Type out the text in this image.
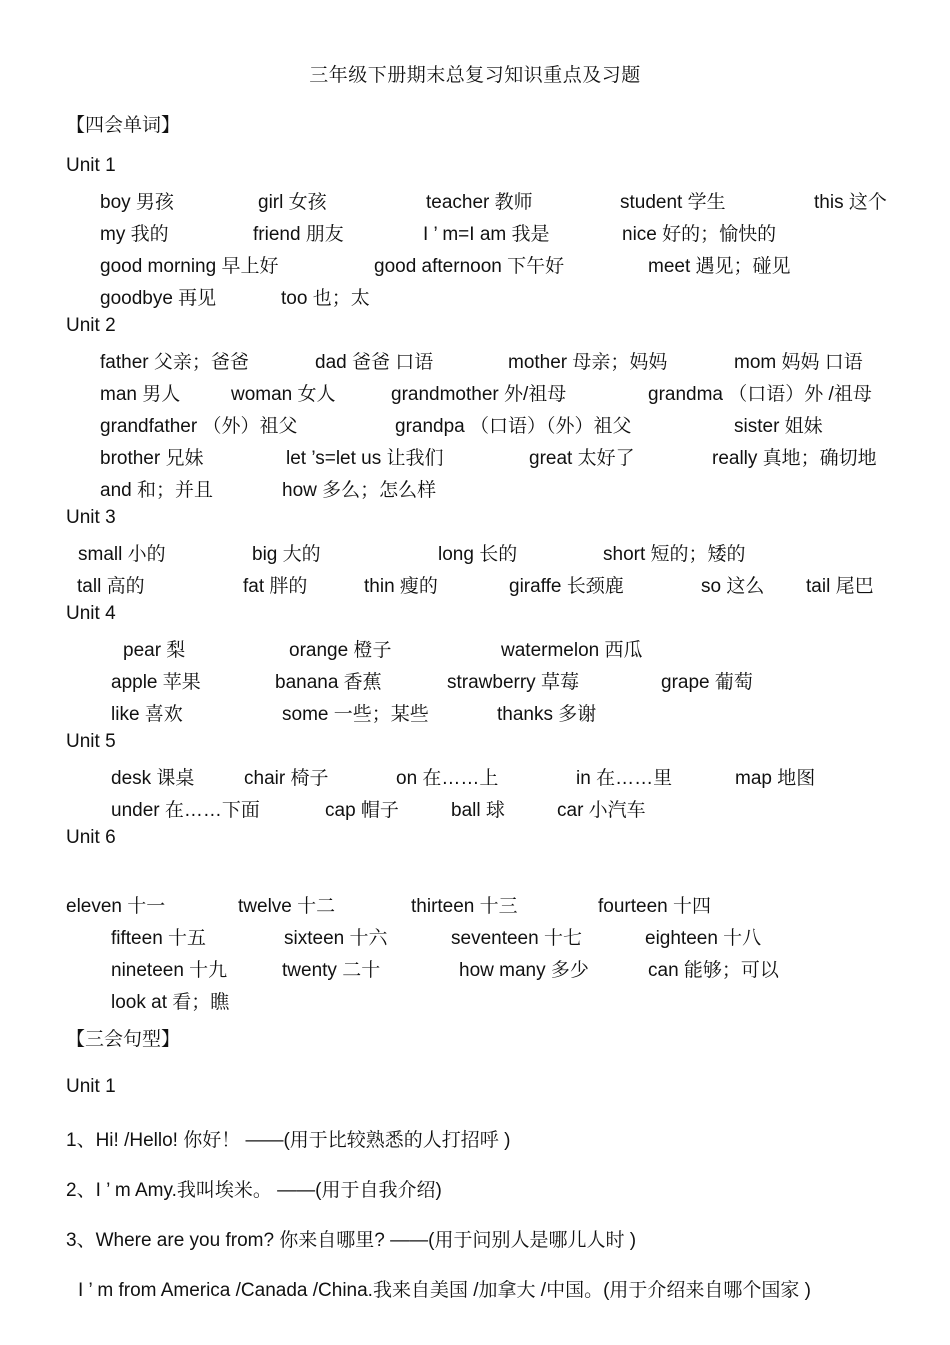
三年级下册期末总复习知识重点及习题
【四会单词】
Unit 1
boy 男孩	girl 女孩	teacher 教师	student 学生	this 这个
my 我的	friend 朋友	I ’ m=I am 我是	nice 好的；愉快的
good morning 早上好	good afternoon 下午好	meet 遇见；碰见
goodbye 再见	too 也；太
Unit 2
father 父亲；爸爸	dad 爸爸 口语	mother 母亲；妈妈	mom 妈妈 口语
man 男人	woman 女人	grandmother 外/祖母	grandma （口语）外 /祖母
grandfather （外）祖父	grandpa （口语）（外）祖父	sister 姐妹
brother 兄妹	let ’s=let us 让我们	great 太好了	really 真地；确切地
and 和；并且	how 多么；怎么样
Unit 3
small 小的	big 大的	long 长的	short 短的；矮的
tall 高的	fat 胖的	thin 瘦的	giraffe 长颈鹿	so 这么 tail 尾巴
Unit 4
pear 梨	orange 橙子	watermelon 西瓜
apple 苹果	banana 香蕉	strawberry 草莓	grape 葡萄
like 喜欢	some 一些；某些	thanks 多谢
Unit 5
desk 课桌	chair 椅子	on 在……上	in 在……里	map 地图
under 在……下面	cap 帽子	ball 球	car 小汽车
Unit 6
eleven 十一	twelve 十二	thirteen 十三	fourteen 十四
fifteen 十五	sixteen 十六	seventeen 十七	eighteen 十八
nineteen 十九	twenty 二十	how many 多少	can 能够；可以
look at 看；瞧
【三会句型】
Unit 1
1、Hi! /Hello! 你好！ ——(用于比较熟悉的人打招呼 )
2、I ’ m Amy.我叫埃米。 ——(用于自我介绍)
3、Where are you from? 你来自哪里? ——(用于问别人是哪儿人时 )
I ’ m from America /Canada /China.我来自美国 /加拿大 /中国。(用于介绍来自哪个国家 )
